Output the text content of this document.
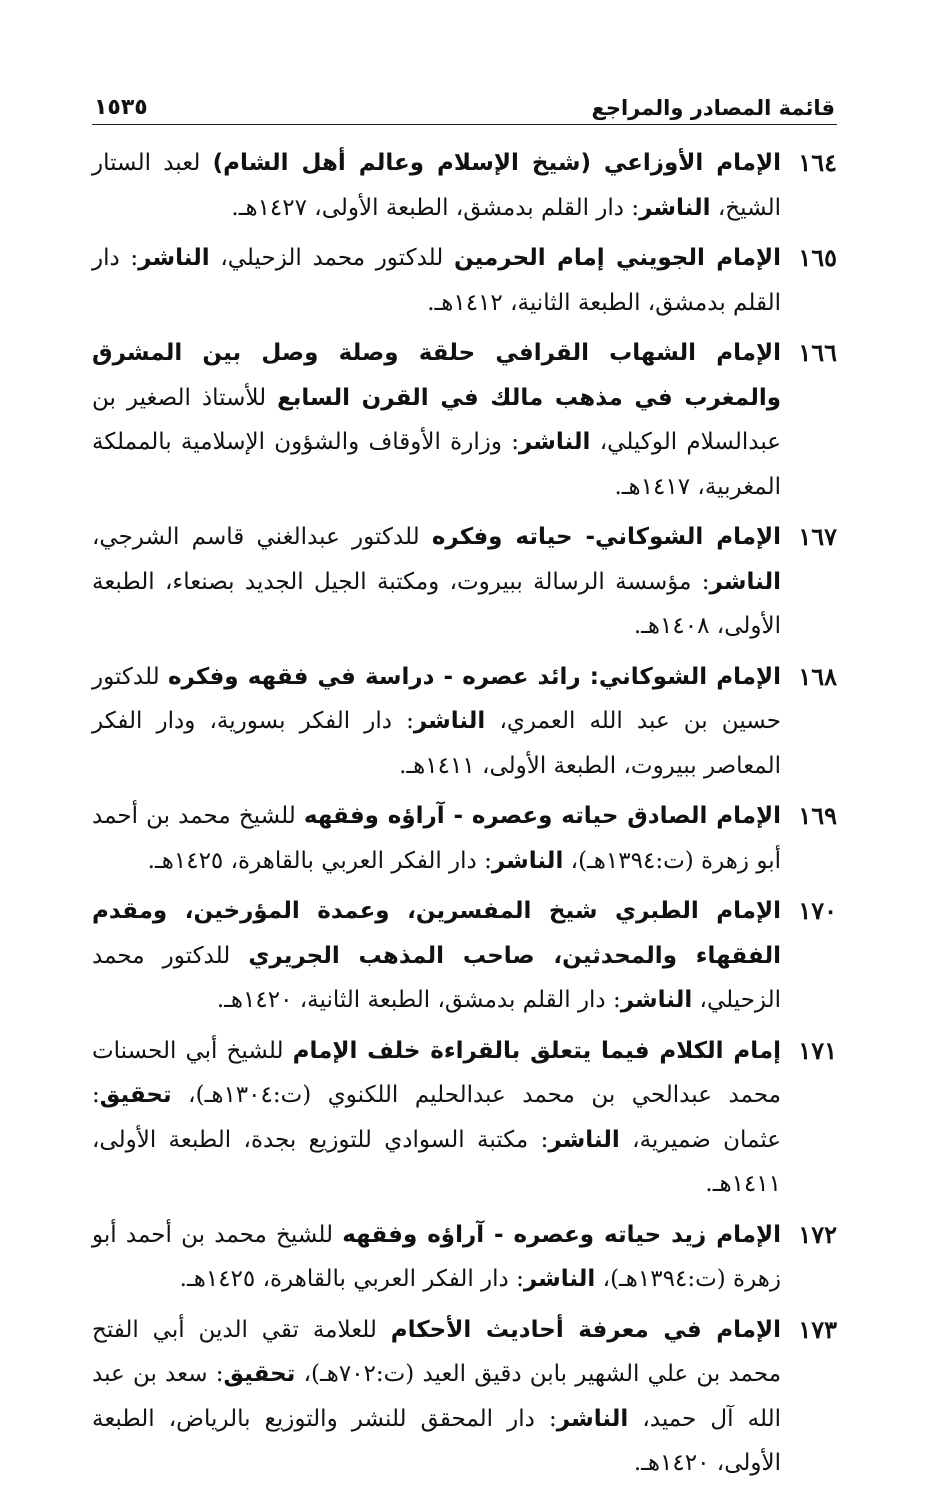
قائمة المصادر والمراجع
١٥٣٥
١٦٤
الإمام الأوزاعي (شيخ الإسلام وعالم أهل الشام) لعبد الستار الشيخ، الناشر: دار القلم بدمشق، الطبعة الأولى، ١٤٢٧هـ.
١٦٥
الإمام الجويني إمام الحرمين للدكتور محمد الزحيلي، الناشر: دار القلم بدمشق، الطبعة الثانية، ١٤١٢هـ.
١٦٦
الإمام الشهاب القرافي حلقة وصلة وصل بين المشرق والمغرب في مذهب مالك في القرن السابع للأستاذ الصغير بن عبدالسلام الوكيلي، الناشر: وزارة الأوقاف والشؤون الإسلامية بالمملكة المغربية، ١٤١٧هـ.
١٦٧
الإمام الشوكاني- حياته وفكره للدكتور عبدالغني قاسم الشرجي، الناشر: مؤسسة الرسالة ببيروت، ومكتبة الجيل الجديد بصنعاء، الطبعة الأولى، ١٤٠٨هـ.
١٦٨
الإمام الشوكاني: رائد عصره - دراسة في فقهه وفكره للدكتور حسين بن عبد الله العمري، الناشر: دار الفكر بسورية، ودار الفكر المعاصر ببيروت، الطبعة الأولى، ١٤١١هـ.
١٦٩
الإمام الصادق حياته وعصره - آراؤه وفقهه للشيخ محمد بن أحمد أبو زهرة (ت:١٣٩٤هـ)، الناشر: دار الفكر العربي بالقاهرة، ١٤٢٥هـ.
١٧٠
الإمام الطبري شيخ المفسرين، وعمدة المؤرخين، ومقدم الفقهاء والمحدثين، صاحب المذهب الجريري للدكتور محمد الزحيلي، الناشر: دار القلم بدمشق، الطبعة الثانية، ١٤٢٠هـ.
١٧١
إمام الكلام فيما يتعلق بالقراءة خلف الإمام للشيخ أبي الحسنات محمد عبدالحي بن محمد عبدالحليم اللكنوي (ت:١٣٠٤هـ)، تحقيق: عثمان ضميرية، الناشر: مكتبة السوادي للتوزيع بجدة، الطبعة الأولى، ١٤١١هـ.
١٧٢
الإمام زيد حياته وعصره - آراؤه وفقهه للشيخ محمد بن أحمد أبو زهرة (ت:١٣٩٤هـ)، الناشر: دار الفكر العربي بالقاهرة، ١٤٢٥هـ.
١٧٣
الإمام في معرفة أحاديث الأحكام للعلامة تقي الدين أبي الفتح محمد بن علي الشهير بابن دقيق العيد (ت:٧٠٢هـ)، تحقيق: سعد بن عبد الله آل حميد، الناشر: دار المحقق للنشر والتوزيع بالرياض، الطبعة الأولى، ١٤٢٠هـ.
